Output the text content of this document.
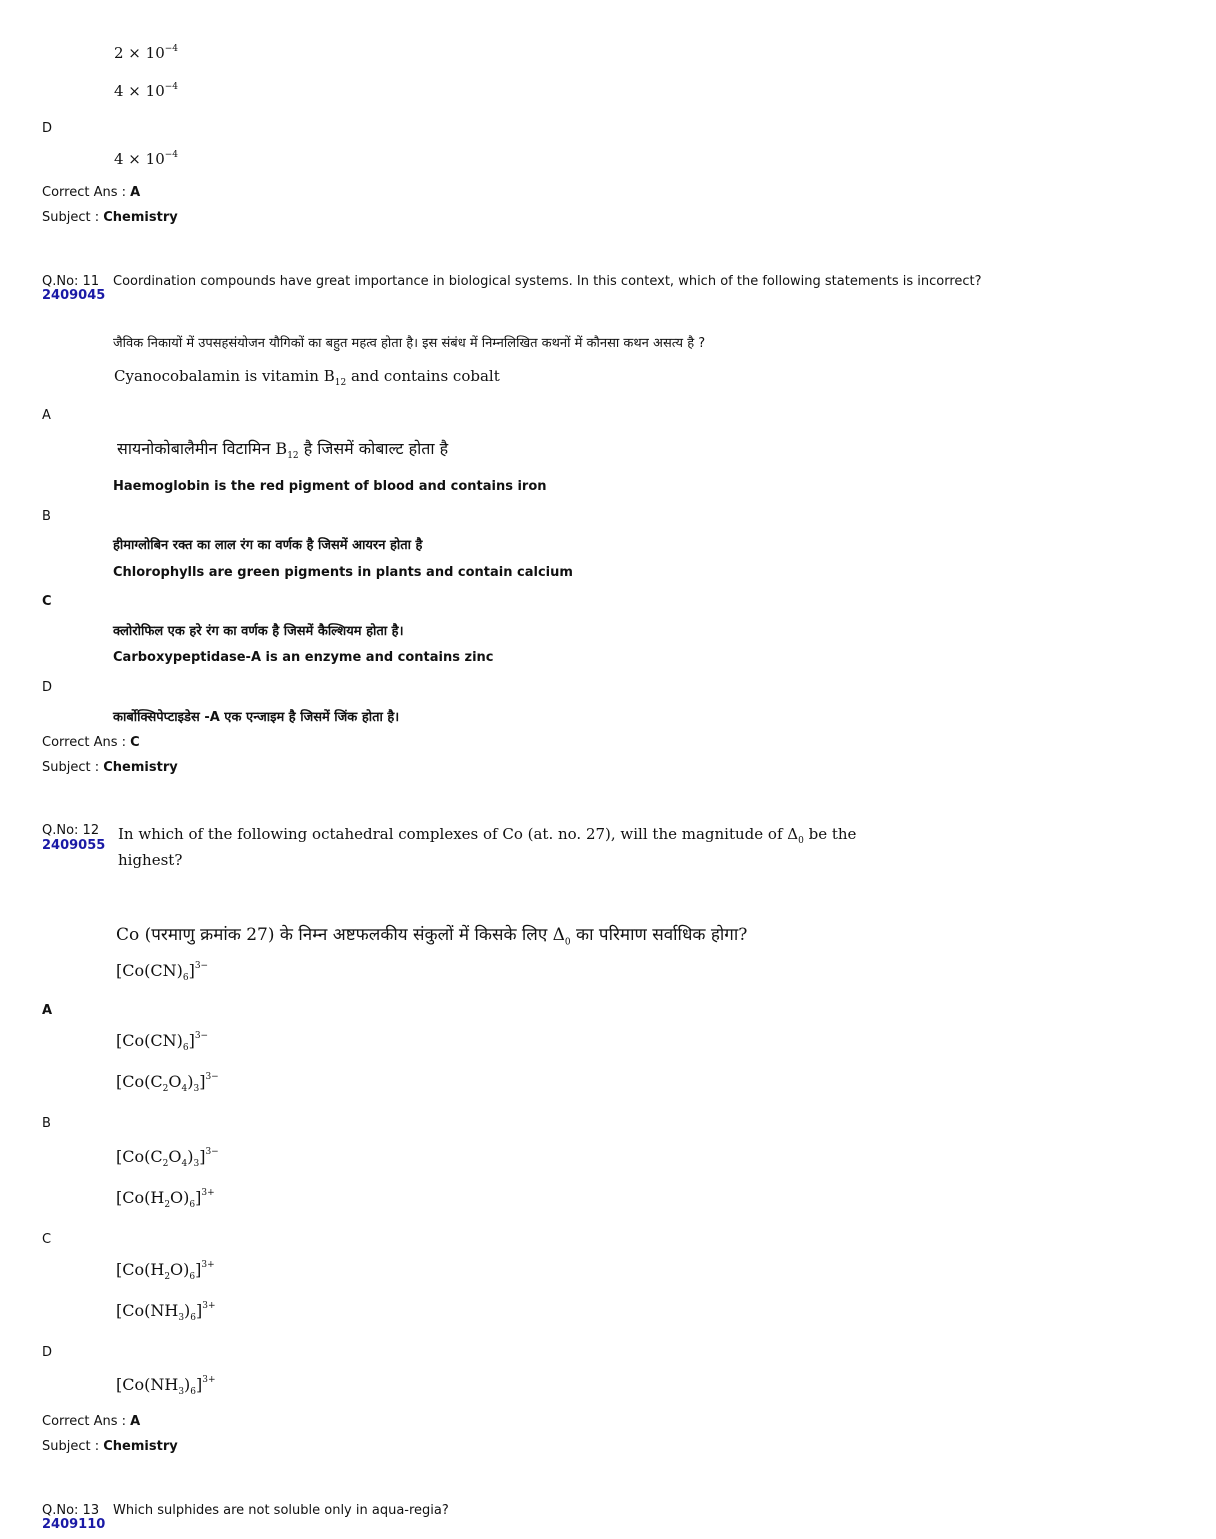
$2 \times 10^{-4}$
$4 \times 10^{-4}$
D
$4 \times 10^{-4}$
Correct Ans : A
Subject : Chemistry
Q.No: 11
2409045
Coordination compounds have great importance in biological systems. In this context, which of the following statements is incorrect?
जैविक निकायों में उपसहसंयोजन यौगिकों का बहुत महत्व होता है। इस संबंध में निम्नलिखित कथनों में कौनसा कथन असत्य है ?
Cyanocobalamin is vitamin $B_{12}$ and contains cobalt
A
सायनोकोबालैमीन विटामिन $B_{12}$ है जिसमें कोबाल्ट होता है
Haemoglobin is the red pigment of blood and contains iron
B
हीमाग्लोबिन रक्त का लाल रंग का वर्णक है जिसमें आयरन होता है
Chlorophylls are green pigments in plants and contain calcium
C
क्लोरोफिल एक हरे रंग का वर्णक है जिसमें कैल्शियम होता है।
Carboxypeptidase-A is an enzyme and contains zinc
D
कार्बोक्सिपेप्टाइडेस -A एक एन्जाइम है जिसमें जिंक होता है।
Correct Ans : C
Subject : Chemistry
Q.No: 12
2409055
In which of the following octahedral complexes of Co (at. no. 27), will the magnitude of $\Delta_0$ be the
highest?
Co (परमाणु क्रमांक 27) के निम्न अष्टफलकीय संकुलों में किसके लिए $\Delta_0$ का परिमाण सर्वाधिक होगा?
$[Co(CN)_6]^{3-}$
A
$[Co(CN)_6]^{3-}$
$[Co(C_2O_4)_3]^{3-}$
B
$[Co(C_2O_4)_3]^{3-}$
$[Co(H_2O)_6]^{3+}$
C
$[Co(H_2O)_6]^{3+}$
$[Co(NH_3)_6]^{3+}$
D
$[Co(NH_3)_6]^{3+}$
Correct Ans : A
Subject : Chemistry
Q.No: 13
2409110
Which sulphides are not soluble only in aqua-regia?
